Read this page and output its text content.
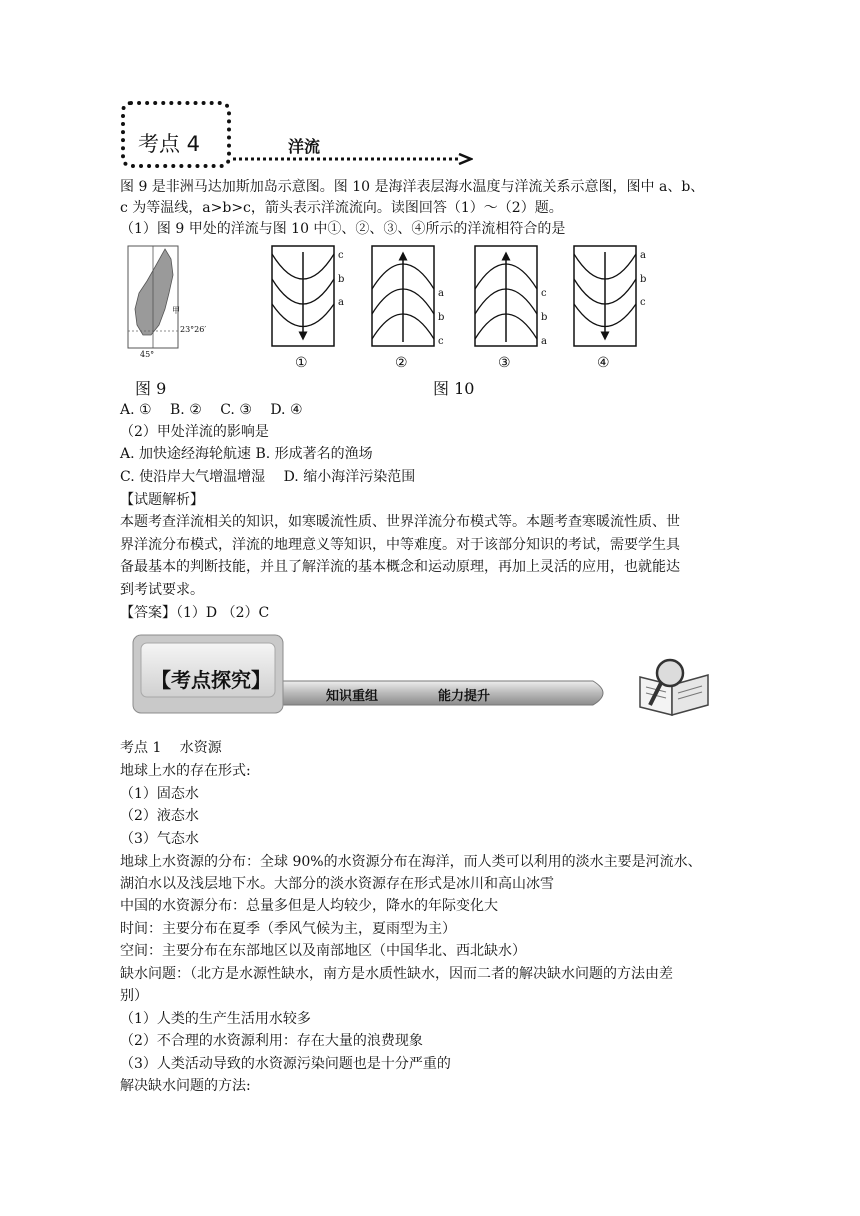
考点 4	洋流
图 9 是非洲马达加斯加岛示意图。图 10 是海洋表层海水温度与洋流关系示意图，图中 a、b、
c 为等温线，a>b>c，箭头表示洋流流向。读图回答（1）～（2）题。
（1）图 9 甲处的洋流与图 10 中①、②、③、④所示的洋流相符合的是
甲
23°26′
45°
c
b
a
a
b
c
c
b
a
a
b
c
①	②	③	④
图 9	图 10
A. ①　 B. ②　 C. ③　 D. ④
（2）甲处洋流的影响是
A. 加快途经海轮航速 B. 形成著名的渔场
C. 使沿岸大气增温增湿　 D. 缩小海洋污染范围
【试题解析】
本题考查洋流相关的知识，如寒暖流性质、世界洋流分布模式等。本题考查寒暖流性质、世
界洋流分布模式，洋流的地理意义等知识，中等难度。对于该部分知识的考试，需要学生具
备最基本的判断技能，并且了解洋流的基本概念和运动原理，再加上灵活的应用，也就能达
到考试要求。
【答案】（1）D （2）C
【考点探究】
知识重组	能力提升
考点 1　 水资源
地球上水的存在形式:
（1）固态水
（2）液态水
（3）气态水
地球上水资源的分布：全球 90%的水资源分布在海洋，而人类可以利用的淡水主要是河流水、
湖泊水以及浅层地下水。大部分的淡水资源存在形式是冰川和高山冰雪
中国的水资源分布：总量多但是人均较少，降水的年际变化大
时间：主要分布在夏季（季风气候为主，夏雨型为主）
空间：主要分布在东部地区以及南部地区（中国华北、西北缺水）
缺水问题：（北方是水源性缺水，南方是水质性缺水，因而二者的解决缺水问题的方法由差
别）
（1）人类的生产生活用水较多
（2）不合理的水资源利用：存在大量的浪费现象
（3）人类活动导致的水资源污染问题也是十分严重的
解决缺水问题的方法:
